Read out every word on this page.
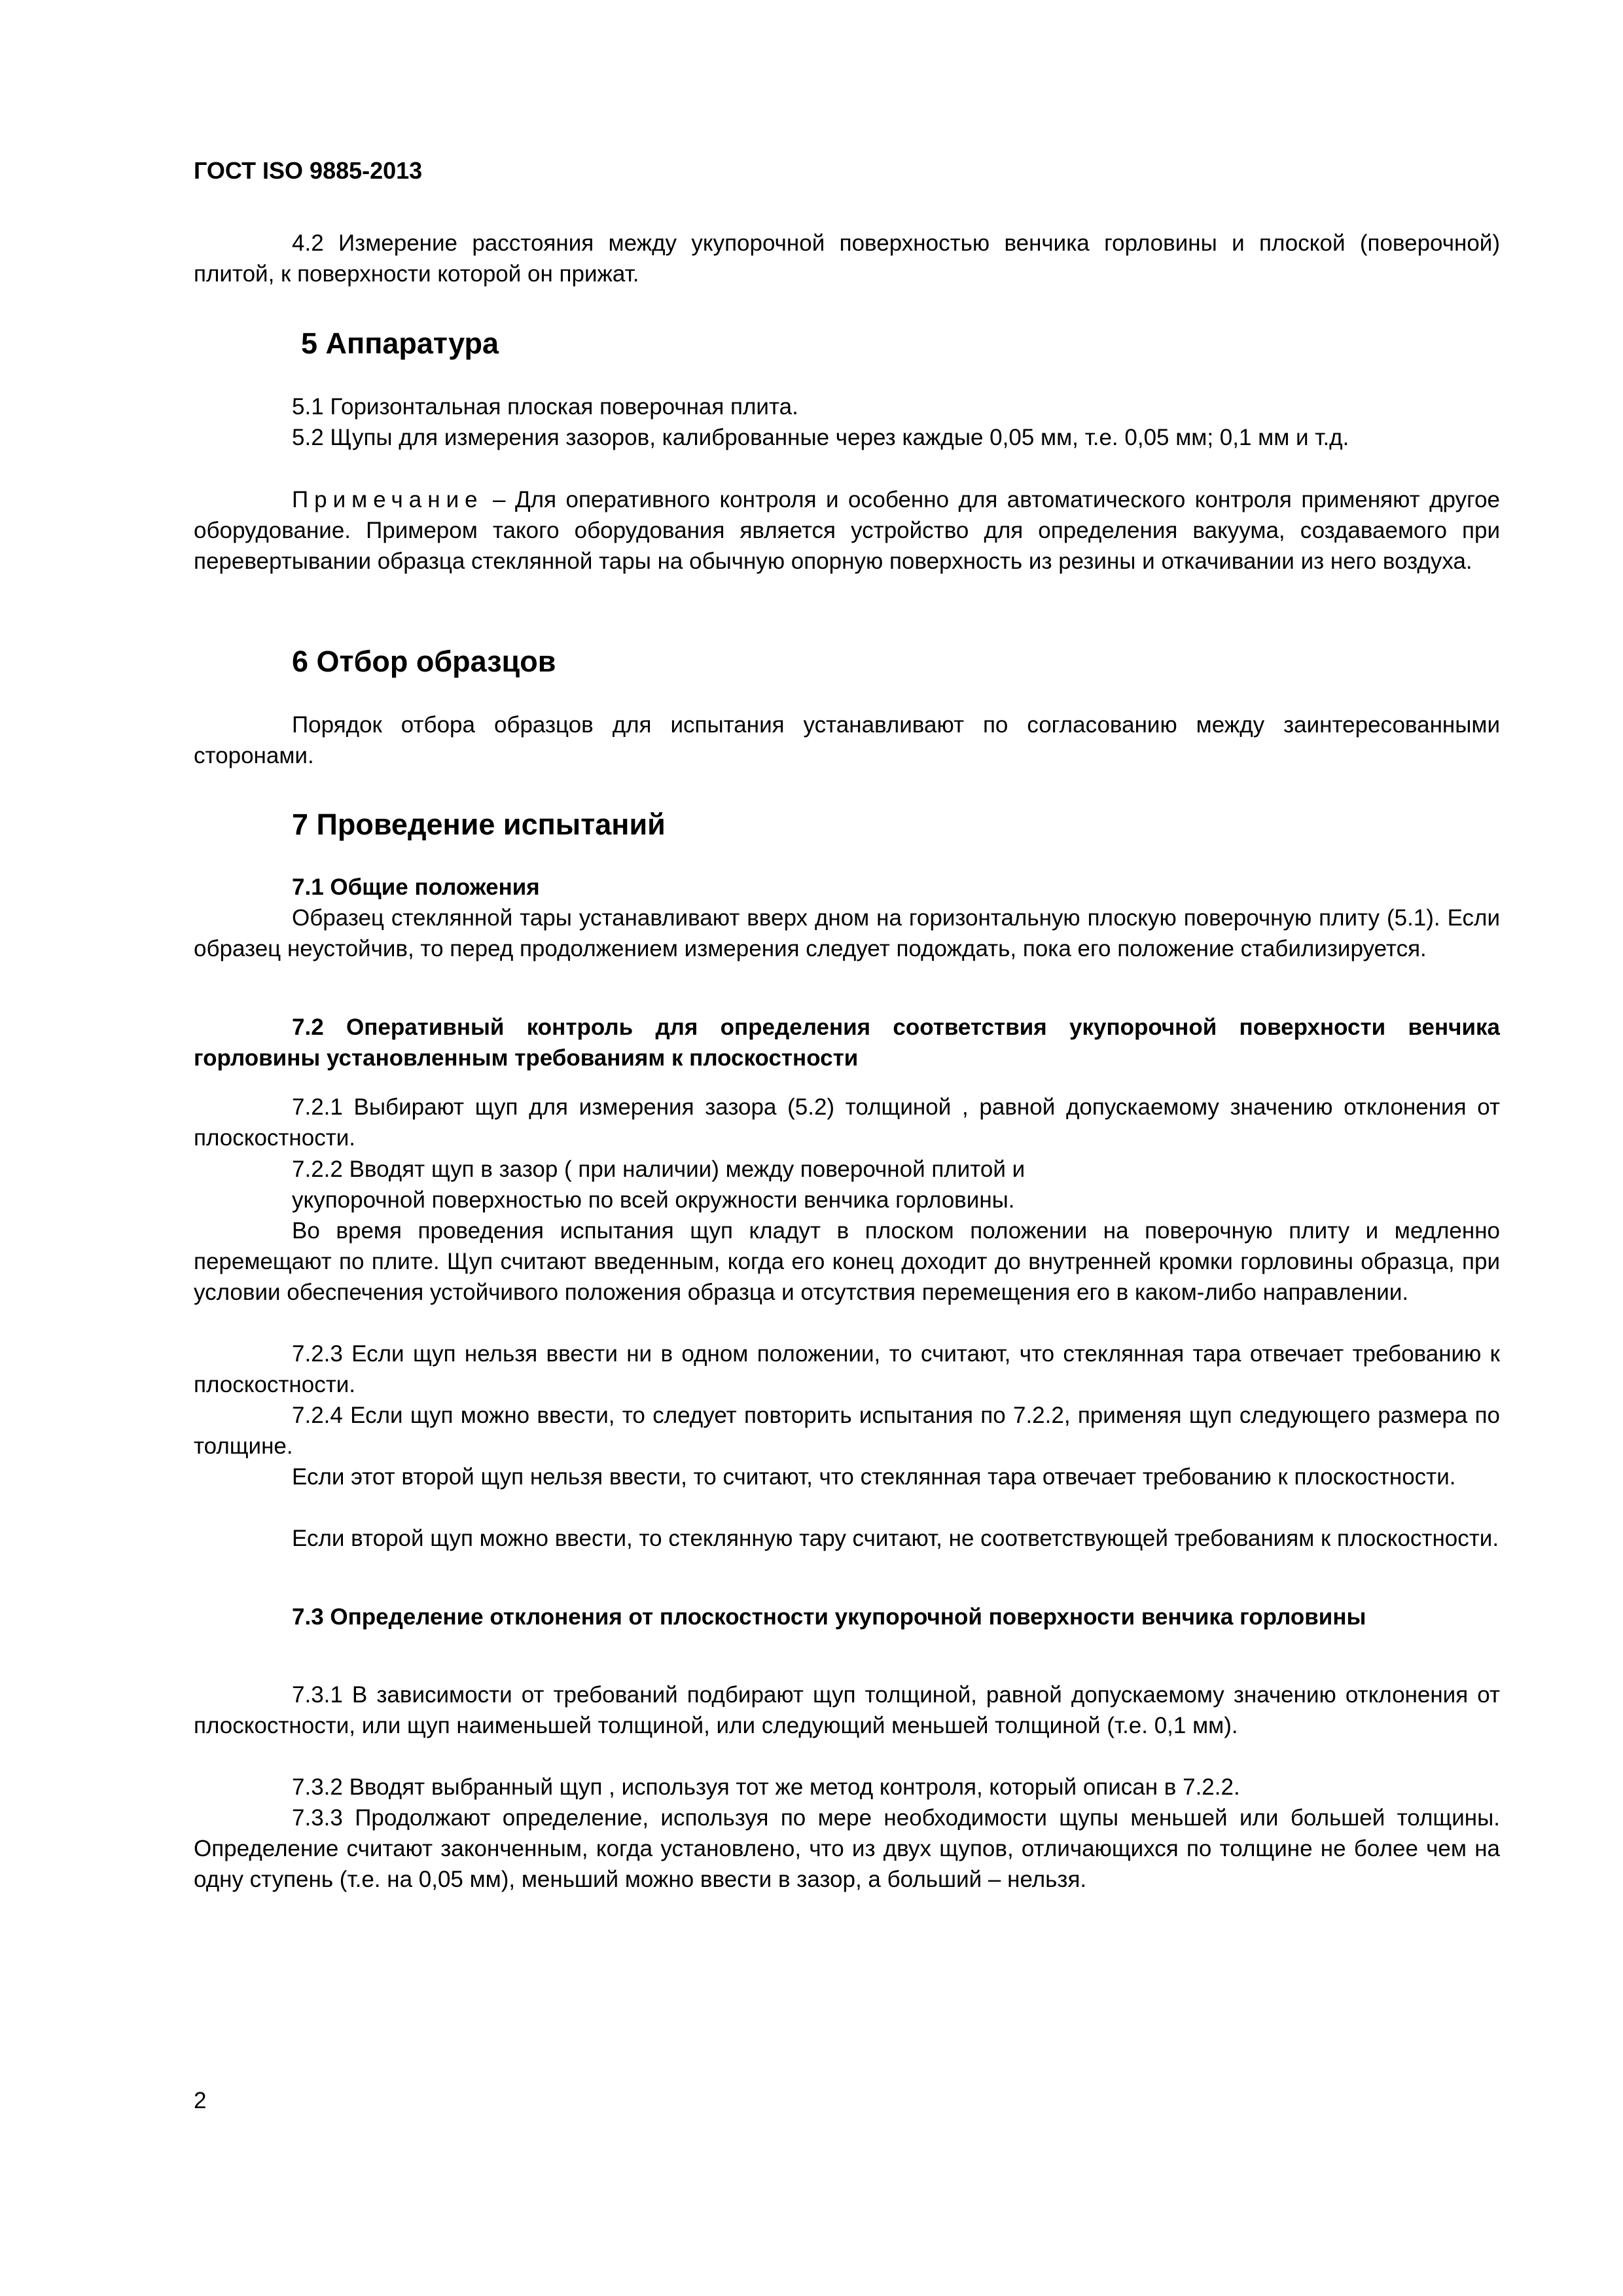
ГОСТ ISO 9885-2013

4.2 Измерение расстояния между укупорочной поверхностью венчика горловины и плоской (поверочной) плитой, к поверхности которой он прижат.

5 Аппаратура

5.1 Горизонтальная плоская поверочная плита.

5.2 Щупы для измерения зазоров, калиброванные через каждые 0,05 мм, т.е. 0,05 мм; 0,1 мм и т.д.

Примечание – Для оперативного контроля и особенно для автоматического контроля применяют другое оборудование. Примером такого оборудования является устройство для определения вакуума, создаваемого при перевертывании образца стеклянной тары на обычную опорную поверхность из резины и откачивании из него воздуха.

6 Отбор образцов

Порядок отбора образцов для испытания устанавливают по согласованию между заинтересованными сторонами.

7 Проведение испытаний

7.1 Общие положения

Образец стеклянной тары устанавливают вверх дном на горизонтальную плоскую поверочную плиту (5.1). Если образец неустойчив, то перед продолжением измерения следует подождать, пока его положение стабилизируется.

7.2 Оперативный контроль для определения соответствия укупорочной поверхности венчика горловины установленным требованиям к плоскостности

7.2.1 Выбирают щуп для измерения зазора (5.2) толщиной , равной допускаемому значению отклонения от плоскостности.

7.2.2 Вводят щуп в зазор ( при наличии) между поверочной плитой и

укупорочной поверхностью по всей окружности венчика горловины.

Во время проведения испытания щуп кладут в плоском положении на поверочную плиту и медленно перемещают по плите. Щуп считают введенным, когда его конец доходит до внутренней кромки горловины образца, при условии обеспечения устойчивого положения образца и отсутствия перемещения его в каком-либо направлении.

7.2.3 Если щуп нельзя ввести ни в одном положении, то считают, что стеклянная тара отвечает требованию к плоскостности.

7.2.4 Если щуп можно ввести, то следует повторить испытания по 7.2.2, применяя щуп следующего размера по толщине.

Если этот второй щуп нельзя ввести, то считают, что стеклянная тара отвечает требованию к плоскостности.

Если второй щуп можно ввести, то стеклянную тару считают, не соответствующей требованиям к плоскостности.

7.3 Определение отклонения от плоскостности укупорочной поверхности венчика горловины

7.3.1 В зависимости от требований подбирают щуп толщиной, равной допускаемому значению отклонения от плоскостности, или щуп наименьшей толщиной, или следующий меньшей толщиной (т.е. 0,1 мм).

7.3.2 Вводят выбранный щуп , используя тот же метод контроля, который описан в 7.2.2.

7.3.3 Продолжают определение, используя по мере необходимости щупы меньшей или большей толщины. Определение считают законченным, когда установлено, что из двух щупов, отличающихся по толщине не более чем на одну ступень (т.е. на 0,05 мм), меньший можно ввести в зазор, а больший – нельзя.

2
